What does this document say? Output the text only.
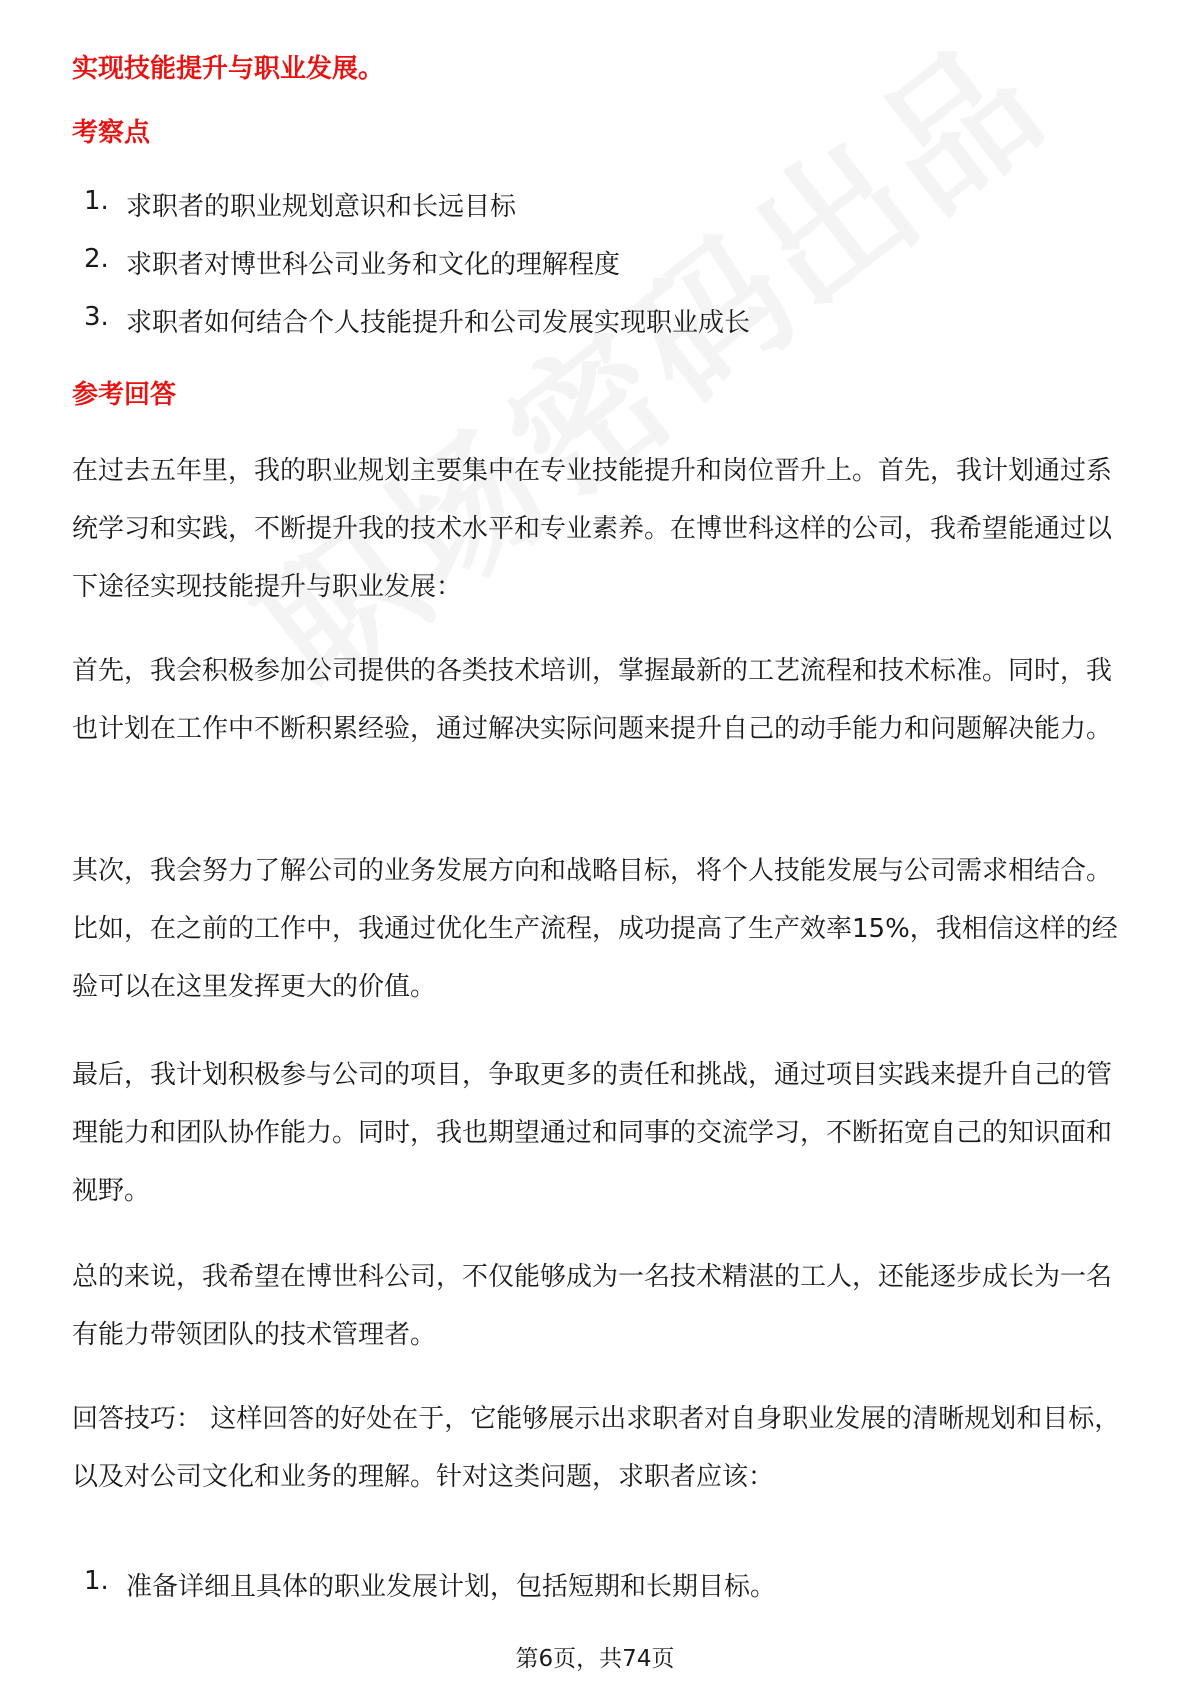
实现技能提升与职业发展。
考察点
1. 求职者的职业规划意识和长远目标
2. 求职者对博世科公司业务和文化的理解程度
3. 求职者如何结合个人技能提升和公司发展实现职业成长
参考回答

在过去五年里，我的职业规划主要集中在专业技能提升和岗位晋升上。首先，我计划通过系统学习和实践，不断提升我的技术水平和专业素养。在博世科这样的公司，我希望能通过以下途径实现技能提升与职业发展：

首先，我会积极参加公司提供的各类技术培训，掌握最新的工艺流程和技术标准。同时，我也计划在工作中不断积累经验，通过解决实际问题来提升自己的动手能力和问题解决能力。

其次，我会努力了解公司的业务发展方向和战略目标，将个人技能发展与公司需求相结合。比如，在之前的工作中，我通过优化生产流程，成功提高了生产效率15%，我相信这样的经验可以在这里发挥更大的价值。

最后，我计划积极参与公司的项目，争取更多的责任和挑战，通过项目实践来提升自己的管理能力和团队协作能力。同时，我也期望通过和同事的交流学习，不断拓宽自己的知识面和视野。

总的来说，我希望在博世科公司，不仅能够成为一名技术精湛的工人，还能逐步成长为一名有能力带领团队的技术管理者。

回答技巧： 这样回答的好处在于，它能够展示出求职者对自身职业发展的清晰规划和目标，以及对公司文化和业务的理解。针对这类问题，求职者应该：

1. 准备详细且具体的职业发展计划，包括短期和长期目标。
第6页，共74页
